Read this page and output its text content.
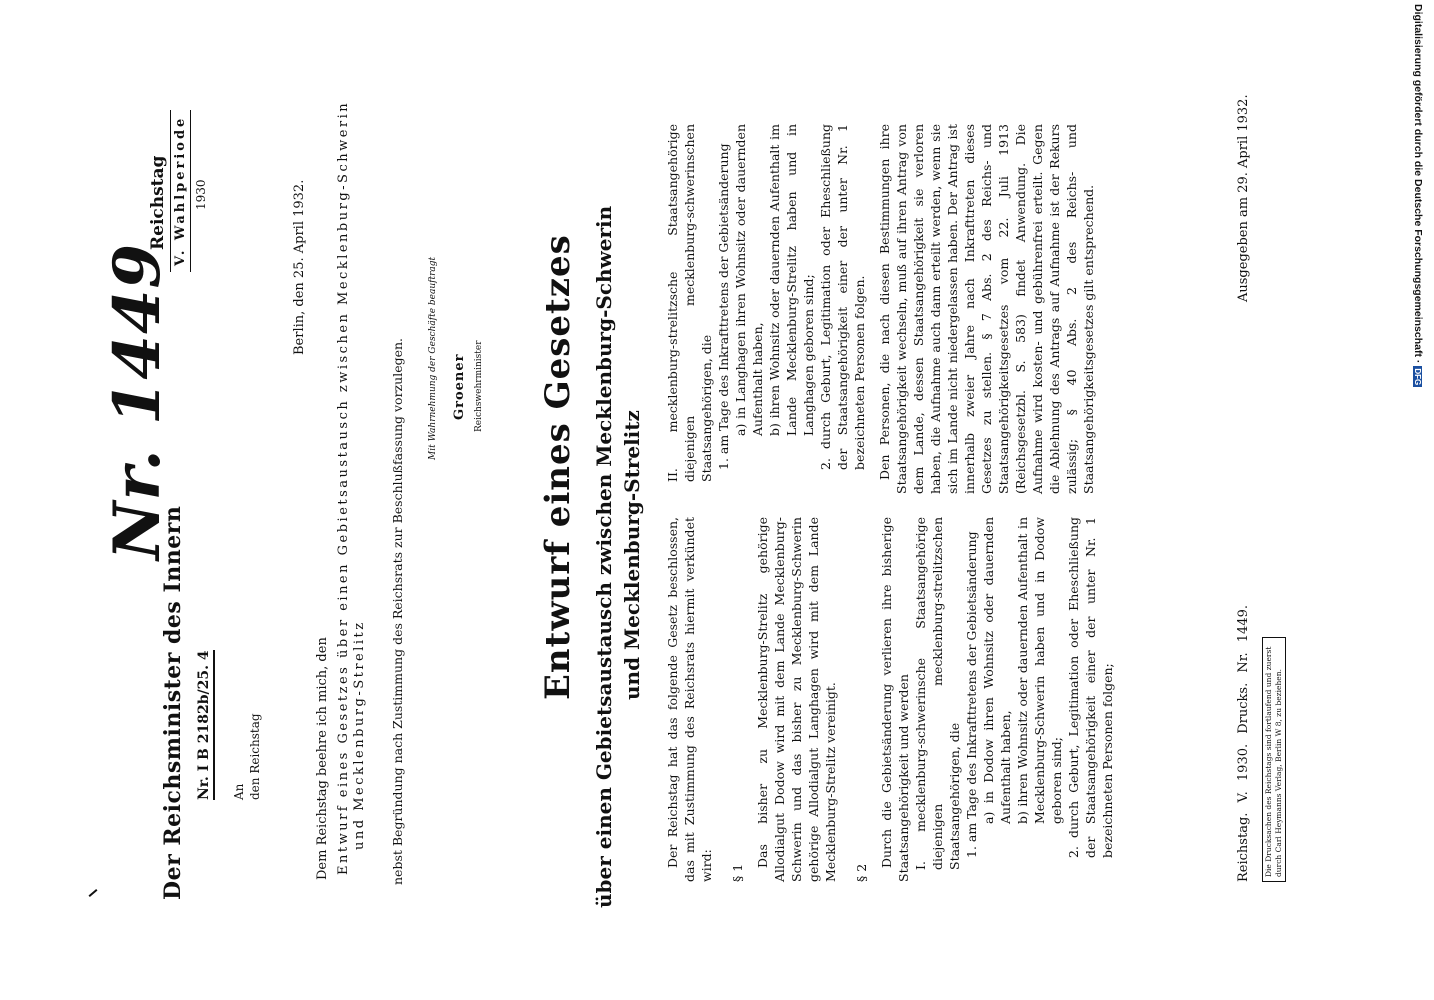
Der Reichsminister des Innern Nr. I B 2182b/25. 4
Nr. 1449
Reichstag V. Wahlperiode 1930
An den Reichstag
Berlin, den 25. April 1932.
Dem Reichstag beehre ich mich, den Entwurf eines Gesetzes über einen Gebietsaustausch zwischen Mecklenburg-Schwerin und Mecklenburg-Strelitz nebst Begründung nach Zustimmung des Reichsrats zur Beschlußfassung vorzulegen.	Mit Wahrnehmung der Geschäfte beauftragt Groener Reichswehrminister Entwurf eines Gesetzes über einen Gebietsaustausch zwischen Mecklenburg-Schwerin und Mecklenburg-Strelitz Der Reichstag hat das folgende Gesetz beschlossen, das mit Zustimmung des Reichsrats hiermit verkündet wird: § 1

Das bisher zu Mecklenburg-Strelitz gehörige Allodialgut Dodow wird mit dem Lande Mecklenburg-Schwerin und das bisher zu Mecklenburg-Schwerin gehörige Allodialgut Langhagen wird mit dem Lande Mecklenburg-Strelitz vereinigt. § 2

Durch die Gebietsänderung verlieren ihre bisherige Staatsangehörigkeit und werden I. mecklenburg-schwerinsche Staatsangehörige diejenigen mecklenburg-strelitzschen Staatsangehörigen, die 1. am Tage des Inkrafttretens der Gebietsänderung a) in Dodow ihren Wohnsitz oder dauernden Aufenthalt haben, b) ihren Wohnsitz oder dauernden Aufenthalt in Mecklenburg-Schwerin haben und in Dodow geboren sind; 2. durch Geburt, Legitimation oder Eheschließung der Staatsangehörigkeit einer der unter Nr. 1 bezeichneten Personen folgen;

II. mecklenburg-strelitzsche Staatsangehörige diejenigen mecklenburg-schwerinschen Staatsangehörigen, die 1. am Tage des Inkrafttretens der Gebietsänderung a) in Langhagen ihren Wohnsitz oder dauernden Aufenthalt haben, b) ihren Wohnsitz oder dauernden Aufenthalt im Lande Mecklenburg-Strelitz haben und in Langhagen geboren sind; 2. durch Geburt, Legitimation oder Eheschließung der Staatsangehörigkeit einer der unter Nr. 1 bezeichneten Personen folgen. Den Personen, die nach diesen Bestimmungen ihre Staatsangehörigkeit wechseln, muß auf ihren Antrag von dem Lande, dessen Staatsangehörigkeit sie verloren haben, die Aufnahme auch dann erteilt werden, wenn sie sich im Lande nicht niedergelassen haben. Der Antrag ist innerhalb zweier Jahre nach Inkrafttreten dieses Gesetzes zu stellen. § 7 Abs. 2 des Reichs- und Staatsangehörigkeitsgesetzes vom 22. Juli 1913 (Reichsgesetzbl. S. 583) findet Anwendung. Die Aufnahme wird kosten- und gebührenfrei erteilt. Gegen die Ablehnung des Antrags auf Aufnahme ist der Rekurs zulässig; § 40 Abs. 2 des Reichs- und Staatsangehörigkeitsgesetzes gilt entsprechend.

Reichstag. V. 1930. Drucks. Nr. 1449.
Ausgegeben am 29. April 1932.
Die Drucksachen des Reichstags sind fortlaufend und zuerst durch Carl Heymanns Verlag, Berlin W 8, zu beziehen.
Digitalisierung gefördert durch die Deutsche Forschungsgemeinschaft ·DFG
